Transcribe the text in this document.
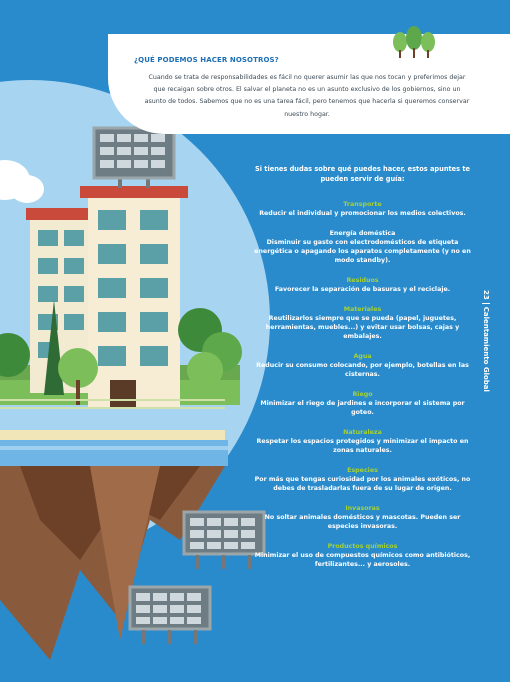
¿QUÉ PODEMOS HACER NOSOTROS?
Cuando se trata de responsabilidades es fácil no querer asumir las que nos tocan y preferimos dejar que recaigan sobre otros. El salvar el planeta no es un asunto exclusivo de los gobiernos, sino un asunto de todos. Sabemos que no es una tarea fácil, pero tenemos que hacerla si queremos conservar nuestro hogar.
Si tienes dudas sobre qué puedes hacer, estos apuntes te pueden servir de guía:
Transporte
Reducir el individual y promocionar los medios colectivos.
Energía doméstica
Disminuir su gasto con electrodomésticos de etiqueta energética o apagando los aparatos completamente (y no en modo standby).
Residuos
Favorecer la separación de basuras y el reciclaje.
Materiales
Reutilizarlos siempre que se pueda (papel, juguetes, herramientas, muebles...) y evitar usar bolsas, cajas y embalajes.
Agua
Reducir su consumo colocando, por ejemplo, botellas en las cisternas.
Riego
Minimizar el riego de jardines e incorporar el sistema por goteo.
Naturaleza
Respetar los espacios protegidos y minimizar el impacto en zonas naturales.
Especies
Por más que tengas curiosidad por los animales exóticos, no debes de trasladarlas fuera de su lugar de origen.
Invasoras
No soltar animales domésticos y mascotas. Pueden ser especies invasoras.
Productos químicos
Minimizar el uso de compuestos químicos como antibióticos, fertilizantes... y aerosoles.
23Calentamiento Global
